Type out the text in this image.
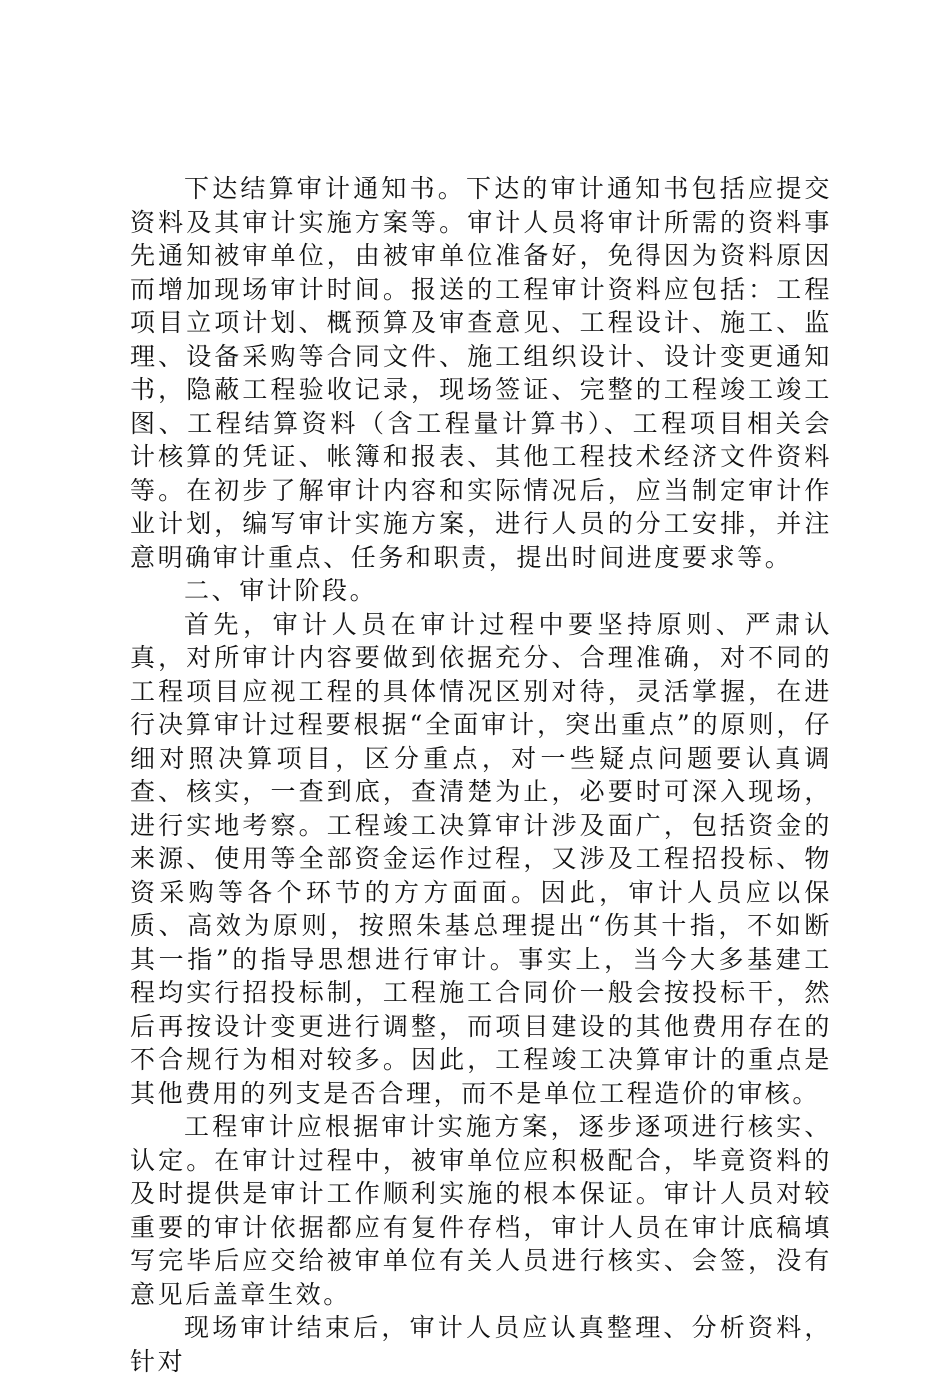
下达结算审计通知书。下达的审计通知书包括应提交资料及其审计实施方案等。审计人员将审计所需的资料事先通知被审单位，由被审单位准备好，免得因为资料原因而增加现场审计时间。报送的工程审计资料应包括：工程项目立项计划、概预算及审查意见、工程设计、施工、监理、设备采购等合同文件、施工组织设计、设计变更通知书，隐蔽工程验收记录，现场签证、完整的工程竣工竣工图、工程结算资料（含工程量计算书）、工程项目相关会计核算的凭证、帐簿和报表、其他工程技术经济文件资料等。在初步了解审计内容和实际情况后，应当制定审计作业计划，编写审计实施方案，进行人员的分工安排，并注意明确审计重点、任务和职责，提出时间进度要求等。

二、审计阶段。

首先，审计人员在审计过程中要坚持原则、严肃认真，对所审计内容要做到依据充分、合理准确，对不同的工程项目应视工程的具体情况区别对待，灵活掌握，在进行决算审计过程要根据“全面审计，突出重点”的原则，仔细对照决算项目，区分重点，对一些疑点问题要认真调查、核实，一查到底，查清楚为止，必要时可深入现场，进行实地考察。工程竣工决算审计涉及面广，包括资金的来源、使用等全部资金运作过程，又涉及工程招投标、物资采购等各个环节的方方面面。因此，审计人员应以保质、高效为原则，按照朱基总理提出“伤其十指，不如断其一指”的指导思想进行审计。事实上，当今大多基建工程均实行招投标制，工程施工合同价一般会按投标干，然后再按设计变更进行调整，而项目建设的其他费用存在的不合规行为相对较多。因此，工程竣工决算审计的重点是其他费用的列支是否合理，而不是单位工程造价的审核。

工程审计应根据审计实施方案，逐步逐项进行核实、认定。在审计过程中，被审单位应积极配合，毕竟资料的及时提供是审计工作顺利实施的根本保证。审计人员对较重要的审计依据都应有复件存档，审计人员在审计底稿填写完毕后应交给被审单位有关人员进行核实、会签，没有意见后盖章生效。

现场审计结束后，审计人员应认真整理、分析资料，针对
